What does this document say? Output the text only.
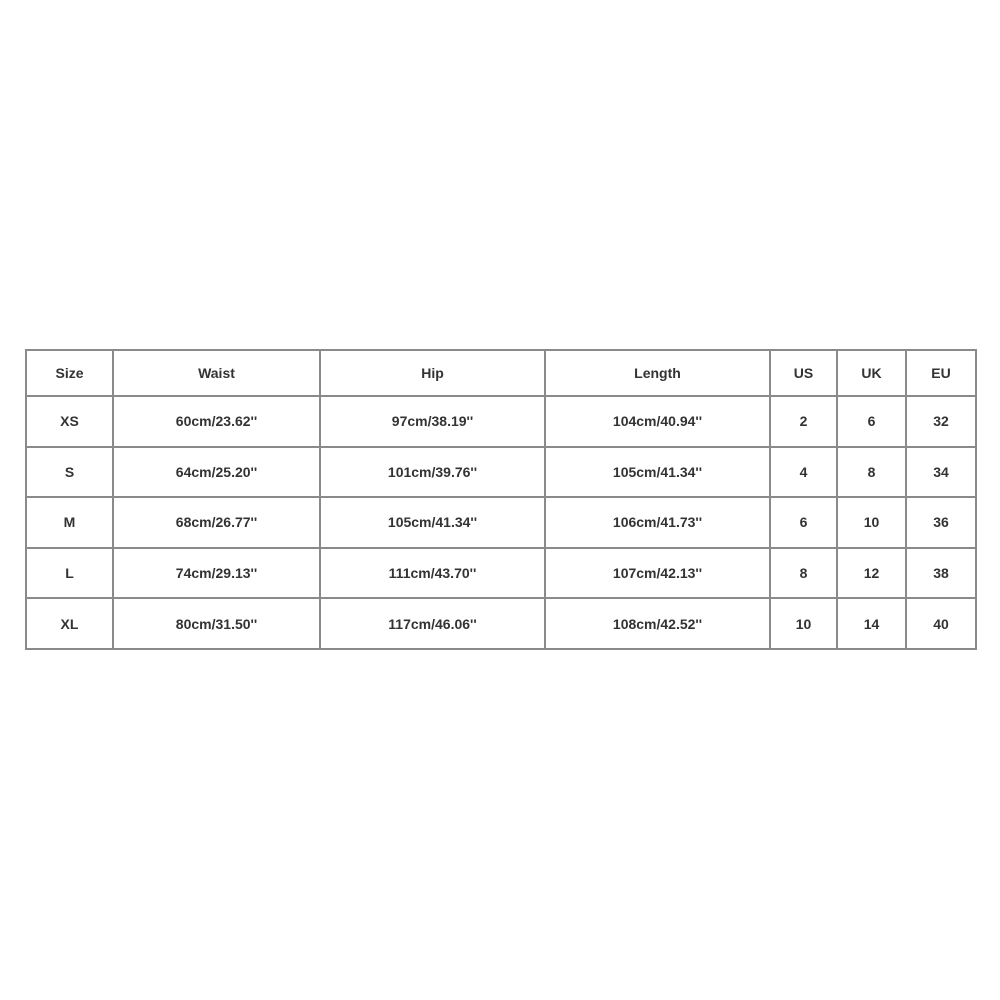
Size	Waist	Hip	Length	US	UK	EU
XS	60cm/23.62''	97cm/38.19''	104cm/40.94''	2	6	32
S	64cm/25.20''	101cm/39.76''	105cm/41.34''	4	8	34
M	68cm/26.77''	105cm/41.34''	106cm/41.73''	6	10	36
L	74cm/29.13''	111cm/43.70''	107cm/42.13''	8	12	38
XL	80cm/31.50''	117cm/46.06''	108cm/42.52''	10	14	40
